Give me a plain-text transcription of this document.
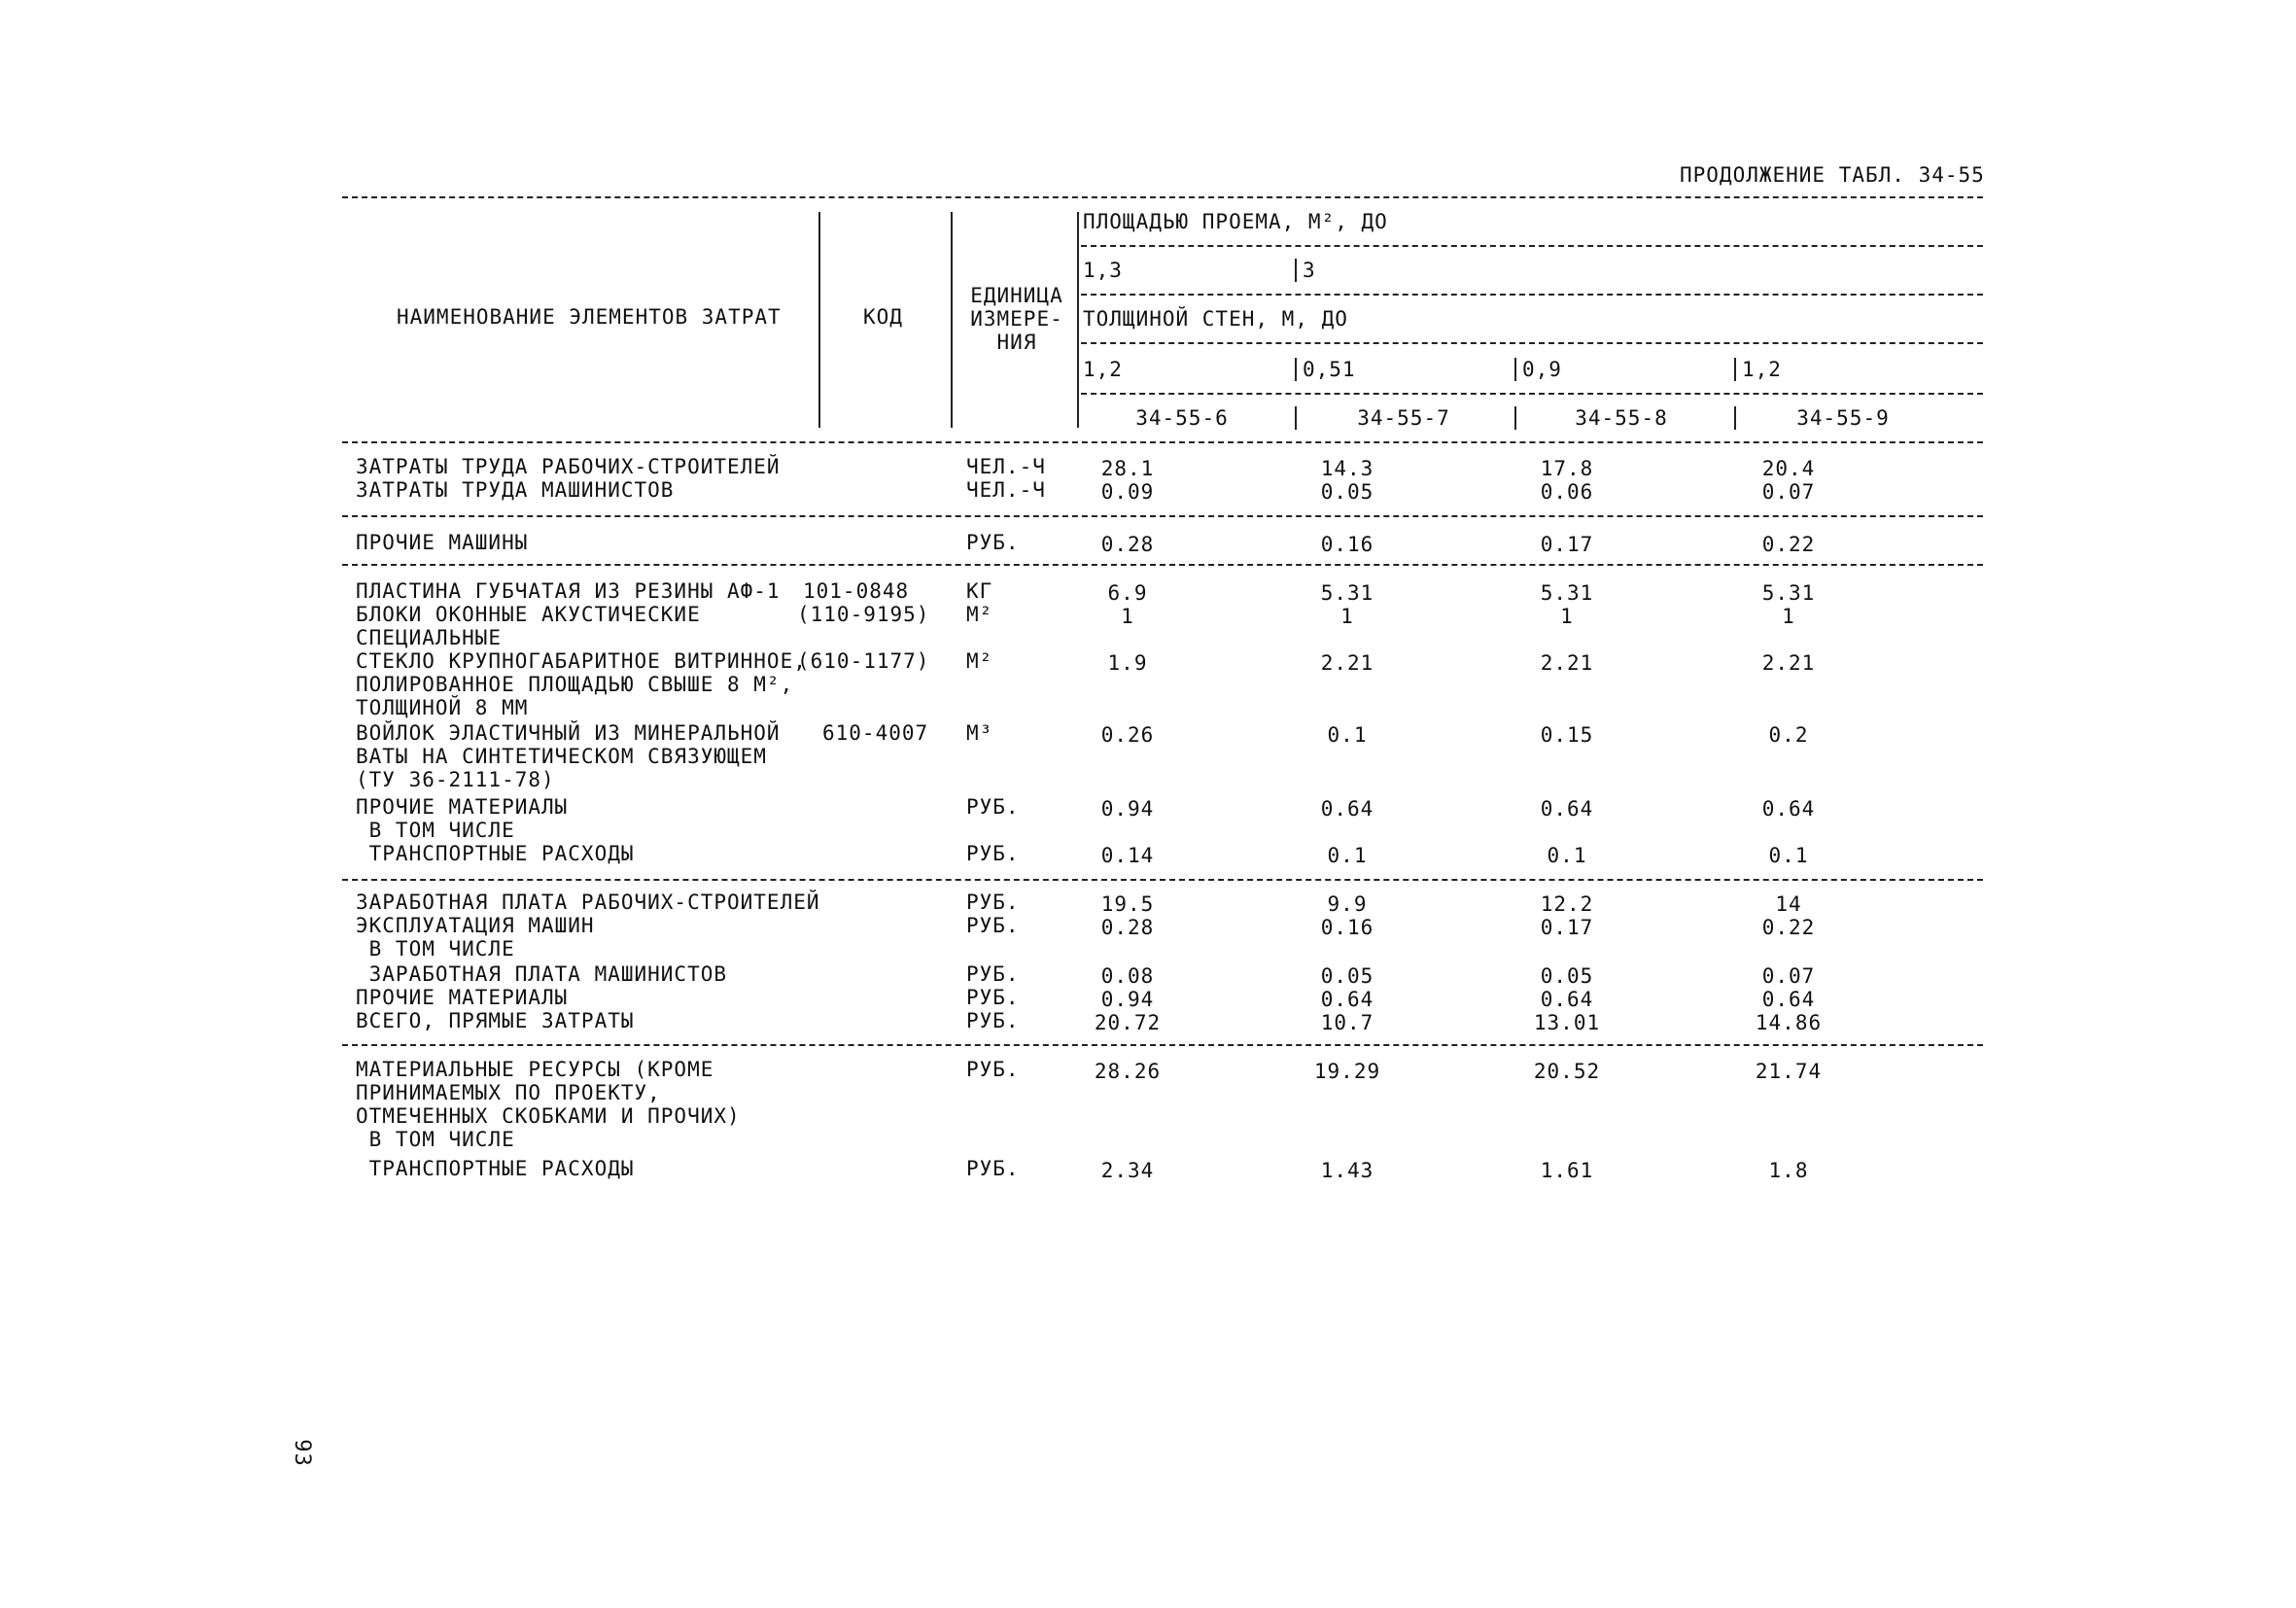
ПРОДОЛЖЕНИЕ ТАБЛ. 34-55
НАИМЕНОВАНИЕ ЭЛЕМЕНТОВ ЗАТРАТ	КОД
ЕДИНИЦА
ИЗМЕРЕ-
НИЯ
ПЛОЩАДЬЮ ПРОЕМА, М², ДО
1,3	3
ТОЛЩИНОЙ СТЕН, М, ДО
1,2	0,51	0,9	1,2
34-55-6	34-55-7	34-55-8	34-55-9
ЗАТРАТЫ ТРУДА РАБОЧИХ-СТРОИТЕЛЕЙ	ЧЕЛ.-Ч	28.1	14.3	17.8	20.4
ЗАТРАТЫ ТРУДА МАШИНИСТОВ	ЧЕЛ.-Ч	0.09	0.05	0.06	0.07
ПРОЧИЕ МАШИНЫ	РУБ.	0.28	0.16	0.17	0.22
ПЛАСТИНА ГУБЧАТАЯ ИЗ РЕЗИНЫ АФ-1 101-0848	КГ	6.9	5.31	5.31	5.31
БЛОКИ ОКОННЫЕ АКУСТИЧЕСКИЕ
СПЕЦИАЛЬНЫЕ
(110-9195) М²	1	1	1	1
СТЕКЛО КРУПНОГАБАРИТНОЕ ВИТРИННОЕ,
ПОЛИРОВАННОЕ ПЛОЩАДЬЮ СВЫШЕ 8 М²,
ТОЛЩИНОЙ 8 ММ
(610-1177) М²	1.9	2.21	2.21	2.21
ВОЙЛОК ЭЛАСТИЧНЫЙ ИЗ МИНЕРАЛЬНОЙ
ВАТЫ НА СИНТЕТИЧЕСКОМ СВЯЗУЮЩЕМ
(ТУ 36-2111-78)
610-4007 М³	0.26	0.1	0.15	0.2
ПРОЧИЕ МАТЕРИАЛЫ	РУБ.	0.94	0.64	0.64	0.64
В ТОМ ЧИСЛЕ
ТРАНСПОРТНЫЕ РАСХОДЫ	РУБ.	0.14	0.1	0.1	0.1
ЗАРАБОТНАЯ ПЛАТА РАБОЧИХ-СТРОИТЕЛЕЙ	РУБ.	19.5	9.9	12.2	14
ЭКСПЛУАТАЦИЯ МАШИН	РУБ.	0.28	0.16	0.17	0.22
В ТОМ ЧИСЛЕ
ЗАРАБОТНАЯ ПЛАТА МАШИНИСТОВ	РУБ.	0.08	0.05	0.05	0.07
ПРОЧИЕ МАТЕРИАЛЫ	РУБ.	0.94	0.64	0.64	0.64
ВСЕГО, ПРЯМЫЕ ЗАТРАТЫ	РУБ.	20.72	10.7	13.01	14.86
МАТЕРИАЛЬНЫЕ РЕСУРСЫ (КРОМЕ
ПРИНИМАЕМЫХ ПО ПРОЕКТУ,
ОТМЕЧЕННЫХ СКОБКАМИ И ПРОЧИХ)
РУБ.	28.26	19.29	20.52	21.74
В ТОМ ЧИСЛЕ
ТРАНСПОРТНЫЕ РАСХОДЫ	РУБ.	2.34	1.43	1.61	1.8
93
